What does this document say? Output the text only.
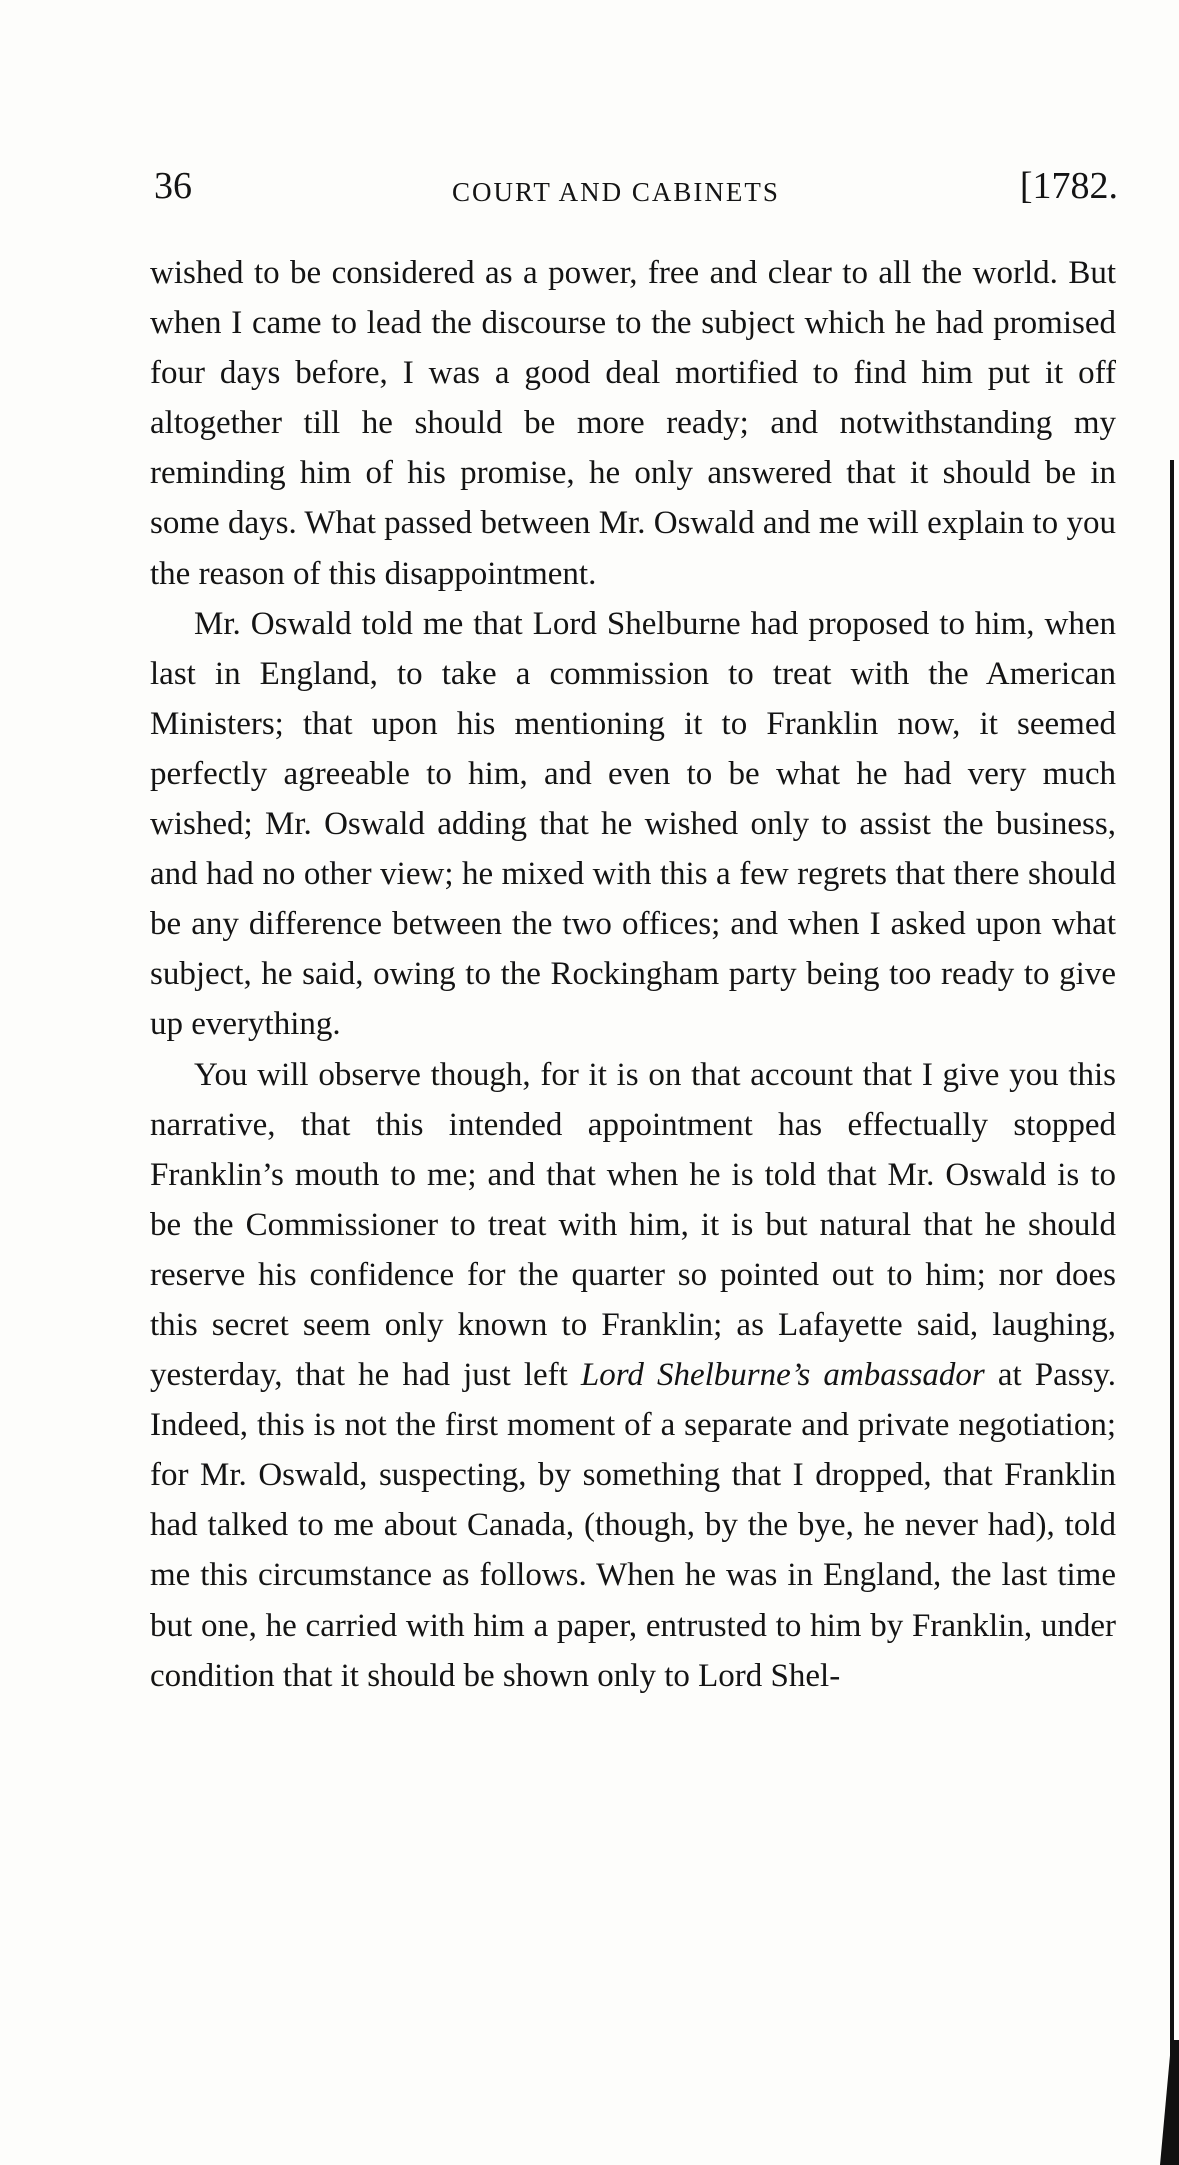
36	COURT AND CABINETS	[1782.

wished to be considered as a power, free and clear to all the world. But when I came to lead the discourse to the subject which he had promised four days before, I was a good deal mortified to find him put it off altogether till he should be more ready; and notwithstanding my reminding him of his promise, he only answered that it should be in some days. What passed between Mr. Oswald and me will explain to you the reason of this disappointment.

Mr. Oswald told me that Lord Shelburne had proposed to him, when last in England, to take a commission to treat with the American Ministers; that upon his mentioning it to Franklin now, it seemed perfectly agreeable to him, and even to be what he had very much wished; Mr. Oswald adding that he wished only to assist the business, and had no other view; he mixed with this a few regrets that there should be any difference between the two offices; and when I asked upon what subject, he said, owing to the Rockingham party being too ready to give up everything.

You will observe though, for it is on that account that I give you this narrative, that this intended appointment has effectually stopped Franklin’s mouth to me; and that when he is told that Mr. Oswald is to be the Commissioner to treat with him, it is but natural that he should reserve his confidence for the quarter so pointed out to him; nor does this secret seem only known to Franklin; as Lafayette said, laughing, yesterday, that he had just left Lord Shelburne’s ambassador at Passy. Indeed, this is not the first moment of a separate and private negotiation; for Mr. Oswald, suspecting, by something that I dropped, that Franklin had talked to me about Canada, (though, by the bye, he never had), told me this circumstance as follows. When he was in England, the last time but one, he carried with him a paper, entrusted to him by Franklin, under condition that it should be shown only to Lord Shel-
